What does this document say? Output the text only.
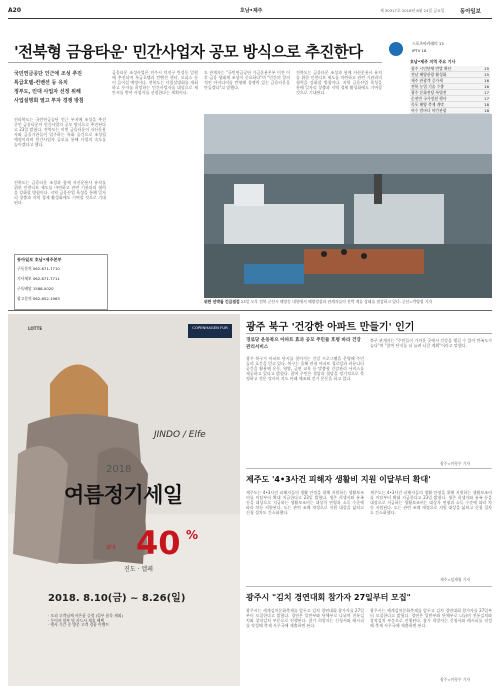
A20	호남•제주	제 30317호 2018년 8월 24일 금요일	동아일보
'전북형 금융타운' 민간사업자 공모 방식으로 추진한다	스포츠아카데미 13
IPTV 18
호남•제주 지역 주요 기사
광주 시민단체 반발 확산	15
전남 해양관광 활성화	15
제주 관광객 증가세	16
전북 농업 기술 수출	16
광주 문화전당 특별전	17
순천만 국가정원 행사	17
목포 해양 축제 개막	18
여수 밤바다 야간관광	18
국민연금공단 인근에 조성 추진
특급호텔-컨벤션 등 유치
정부도, 민대 사업자 선정 위해
사업설명회 열고 투자 경쟁 방침
전라북도는 국민연금공단 인근 부지에 조성을 추진 중인 금융타운이 민간사업자 공모 방식으로 추진된다고 23일 밝혔다. 전북도는 이번 금융타운이 자산운용사와 금융기관들이 입주하는 특화 공간으로 조성될 예정이라며 민간사업자 공모를 통해 사업의 속도를 높이겠다고 했다.
전북도는 금융타운 조성과 함께 자산운용사 유치를 위한 인센티브 제도를 마련하고 관련 기관과의 협력을 강화할 방침이다. 지역 금융산업 육성을 통해 일자리 창출과 지역 경제 활성화에도 기여할 것으로 기대된다.
동아일보 호남•제주본부
구독문의 062-671-7710
기사제보 062-671-7711
구독배달 1588-0020
광고문의 062-652-1963
금융타운 조성사업은 전주시 덕진구 만성동 일원에 추진되며 특급호텔과 컨벤션 센터, 오피스 등이 들어설 예정이다. 전북도는 사업설명회를 개최하고 투자를 희망하는 민간사업자를 대상으로 제안서를 받아 사업자를 선정한다는 계획이다.
도 관계자는 "국민연금공단 기금운용본부 이전 이후 금융 생태계 조성이 중요하다"며 "민간의 창의적인 아이디어를 반영해 경쟁력 있는 금융타운을 만들겠다"고 말했다.
전북도는 금융타운 조성과 함께 자산운용사 유치를 위한 인센티브 제도를 마련하고 관련 기관과의 협력을 강화할 방침이다. 지역 금융산업 육성을 통해 일자리 창출과 지역 경제 활성화에도 기여할 것으로 기대된다.
위판 선박들 긴급점검 23일 오후 전북 군산시 해망동 내항에서 해양경찰과 관계자들이 선박 계류 상태를 점검하고 있다. 군산=박영철 기자
LOTTE	COPENHAGEN FUR
JINDO / Elfe
2018
여름정기세일
최대 40 %
진도 · 엘페
2018. 8.10(금) ~ 8.26(일)
· 모피 고객님께 사은품 증정 (일부 품목 제외)
· 무이자 할부 및 카드사 제휴 혜택
· 행사 기간 중 방문 고객 경품 이벤트
광주 북구 '건강한 아파트 만들기' 인기
경로당 운동복으 아파트 효과 공모 주민들 호평 바라 건강관리서비스
광주 북구가 아파트 단지를 찾아가는 건강 프로그램을 운영해 주민들의 호응을 얻고 있다. 북구는 올해 관내 아파트 경로당과 커뮤니티 공간을 활용해 운동, 영양, 금연 교육 등 맞춤형 건강관리 서비스를 제공하고 있다고 밝혔다. 참여 주민은 혈압과 혈당을 정기적으로 측정하고 전문 강사의 지도 아래 체조와 걷기 운동을 하고 있다.
북구 관계자는 "주민들이 가까운 곳에서 건강을 챙길 수 있어 만족도가 높다"며 "참여 단지를 더 늘려 나갈 계획"이라고 말했다.
광주=이형주 기자
제주도 '4•3사건 피해자 생활비 지원 이달부터 확대'
제주도는 4•3사건 피해자들의 생활 안정을 위해 지원하는 생활보조비를 이달부터 확대 지급한다고 23일 밝혔다. 생존 희생자와 유족 등을 대상으로 지급하는 생활보조비는 대상자 연령과 소득 수준에 따라 차등 지원된다. 도는 관련 조례 개정으로 지원 대상을 넓히고 신청 절차도 간소화했다.
제주도는 4•3사건 피해자들의 생활 안정을 위해 지원하는 생활보조비를 이달부터 확대 지급한다고 23일 밝혔다. 생존 희생자와 유족 등을 대상으로 지급하는 생활보조비는 대상자 연령과 소득 수준에 따라 차등 지원된다. 도는 관련 조례 개정으로 지원 대상을 넓히고 신청 절차도 간소화했다.
제주=임재영 기자
광주시 "김치 경연대회 참가자 27일부터 모집"
광주시는 세계김치문화축제를 앞두고 김치 경연대회 참가자를 27일부터 모집한다고 밝혔다. 경연은 일반부와 단체부로 나뉘며 전통김치와 창작김치 부문으로 진행된다. 참가 희망자는 신청서와 레시피를 작성해 축제 사무국에 제출하면 된다.
광주시는 세계김치문화축제를 앞두고 김치 경연대회 참가자를 27일부터 모집한다고 밝혔다. 경연은 일반부와 단체부로 나뉘며 전통김치와 창작김치 부문으로 진행된다. 참가 희망자는 신청서와 레시피를 작성해 축제 사무국에 제출하면 된다.
광주=이형주 기자
